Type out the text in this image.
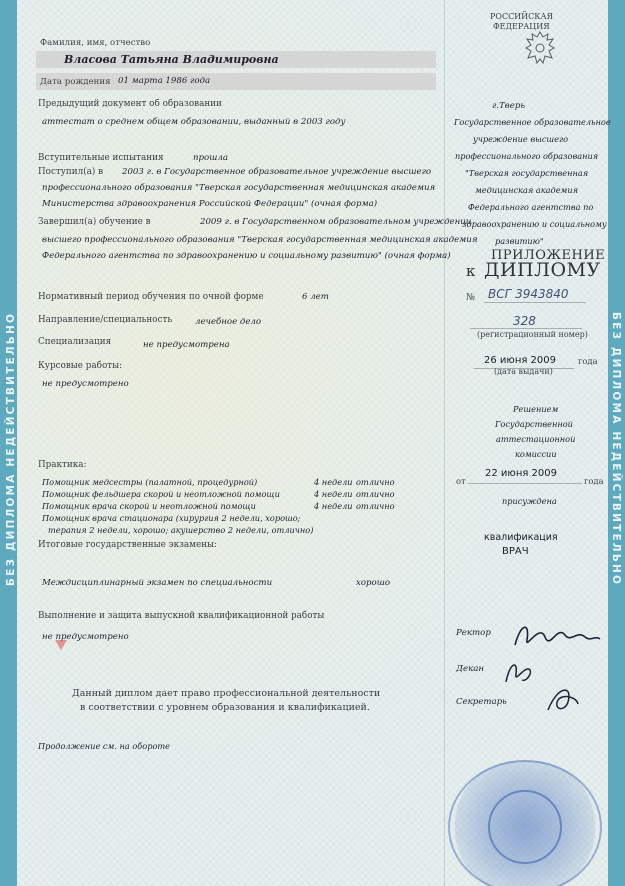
БЕЗ ДИПЛОМА НЕДЕЙСТВИТЕЛЬНО	БЕЗ ДИПЛОМА НЕДЕЙСТВИТЕЛЬНО
РОССИЙСКАЯ
ФЕДЕРАЦИЯ
Фамилия, имя, отчество
Власова Татьяна Владимировна
Дата рождения 01 марта 1986 года
Предыдущий документ об образовании
аттестат о среднем общем образовании, выданный в 2003 году
Вступительные испытания	прошла
Поступил(а) в 2003 г. в Государственное образовательное учреждение высшего
профессионального образования "Тверская государственная медицинская академия
Министерства здравоохранения Российской Федерации" (очная форма)
Завершил(а) обучение в	2009 г. в Государственном образовательном учреждении
высшего профессионального образования "Тверская государственная медицинская академия
Федерального агентства по здравоохранению и социальному развитию" (очная форма)
Нормативный период обучения по очной форме	6 лет
Направление/специальность	лечебное дело
Специализация	не предусмотрена
Курсовые работы:
не предусмотрено
Практика:
Помощник медсестры (палатной, процедурной)	4 недели отлично
Помощник фельдшера скорой и неотложной помощи	4 недели отлично
Помощник врача скорой и неотложной помощи	4 недели отлично
Помощник врача стационара (хирургия 2 недели, хорошо;
терапия 2 недели, хорошо; акушерство 2 недели, отлично)
Итоговые государственные экзамены:
Междисциплинарный экзамен по специальности	хорошо
Выполнение и защита выпускной квалификационной работы
не предусмотрено
Данный диплом дает право профессиональной деятельности
в соответствии с уровнем образования и квалификацией.
Продолжение см. на обороте
г.Тверь
Государственное образовательное
учреждение высшего
профессионального образования
"Тверская государственная
медицинская академия
Федерального агентства по
здравоохранению и социальному
развитию"
ПРИЛОЖЕНИЕ
к ДИПЛОМУ
№ ВСГ 3943840
328
(регистрационный номер)
26 июня 2009	года
(дата выдачи)
Решением
Государственной
аттестационной
комиссии
от
22 июня 2009
года
присуждена
квалификация
ВРАЧ
Ректор
Декан
Секретарь
